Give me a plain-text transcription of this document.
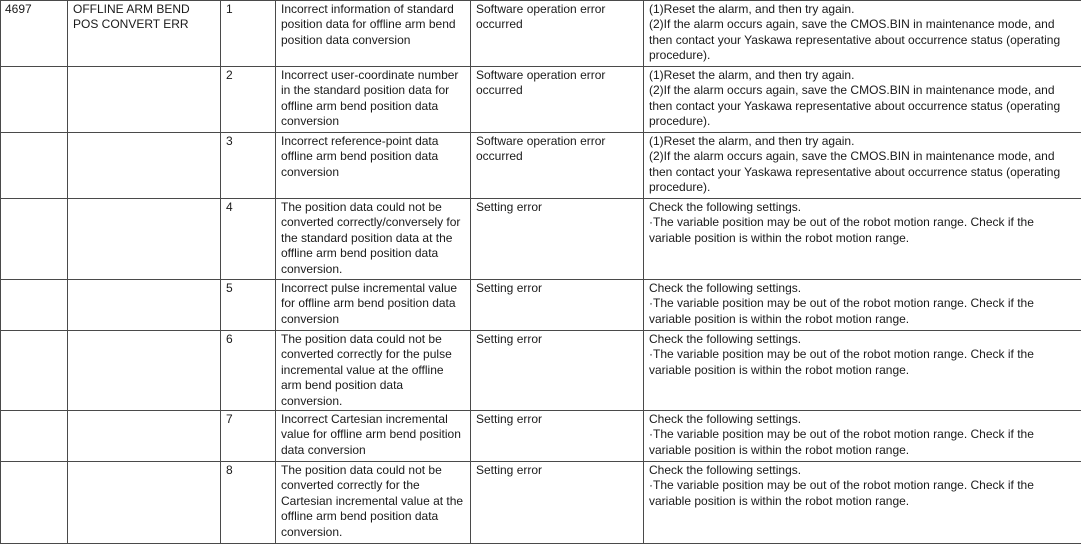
4697	OFFLINE ARM BEND
POS CONVERT ERR	1	Incorrect information of standard position data for offline arm bend position data conversion	Software operation error occurred	(1)Reset the alarm, and then try again.
(2)If the alarm occurs again, save the CMOS.BIN in maintenance mode, and then contact your Yaskawa representative about occurrence status (operating procedure).
		2	Incorrect user-coordinate number in the standard position data for offline arm bend position data conversion	Software operation error occurred	(1)Reset the alarm, and then try again.
(2)If the alarm occurs again, save the CMOS.BIN in maintenance mode, and then contact your Yaskawa representative about occurrence status (operating procedure).
		3	Incorrect reference-point data offline arm bend position data conversion	Software operation error occurred	(1)Reset the alarm, and then try again.
(2)If the alarm occurs again, save the CMOS.BIN in maintenance mode, and then contact your Yaskawa representative about occurrence status (operating procedure).
		4	The position data could not be converted correctly/conversely for the standard position data at the offline arm bend position data conversion.	Setting error	Check the following settings.
·The variable position may be out of the robot motion range. Check if the variable position is within the robot motion range.
		5	Incorrect pulse incremental value for offline arm bend position data conversion	Setting error	Check the following settings.
·The variable position may be out of the robot motion range. Check if the variable position is within the robot motion range.
		6	The position data could not be converted correctly for the pulse incremental value at the offline arm bend position data conversion.	Setting error	Check the following settings.
·The variable position may be out of the robot motion range. Check if the variable position is within the robot motion range.
		7	Incorrect Cartesian incremental value for offline arm bend position data conversion	Setting error	Check the following settings.
·The variable position may be out of the robot motion range. Check if the variable position is within the robot motion range.
		8	The position data could not be converted correctly for the Cartesian incremental value at the offline arm bend position data conversion.	Setting error	Check the following settings.
·The variable position may be out of the robot motion range. Check if the variable position is within the robot motion range.
